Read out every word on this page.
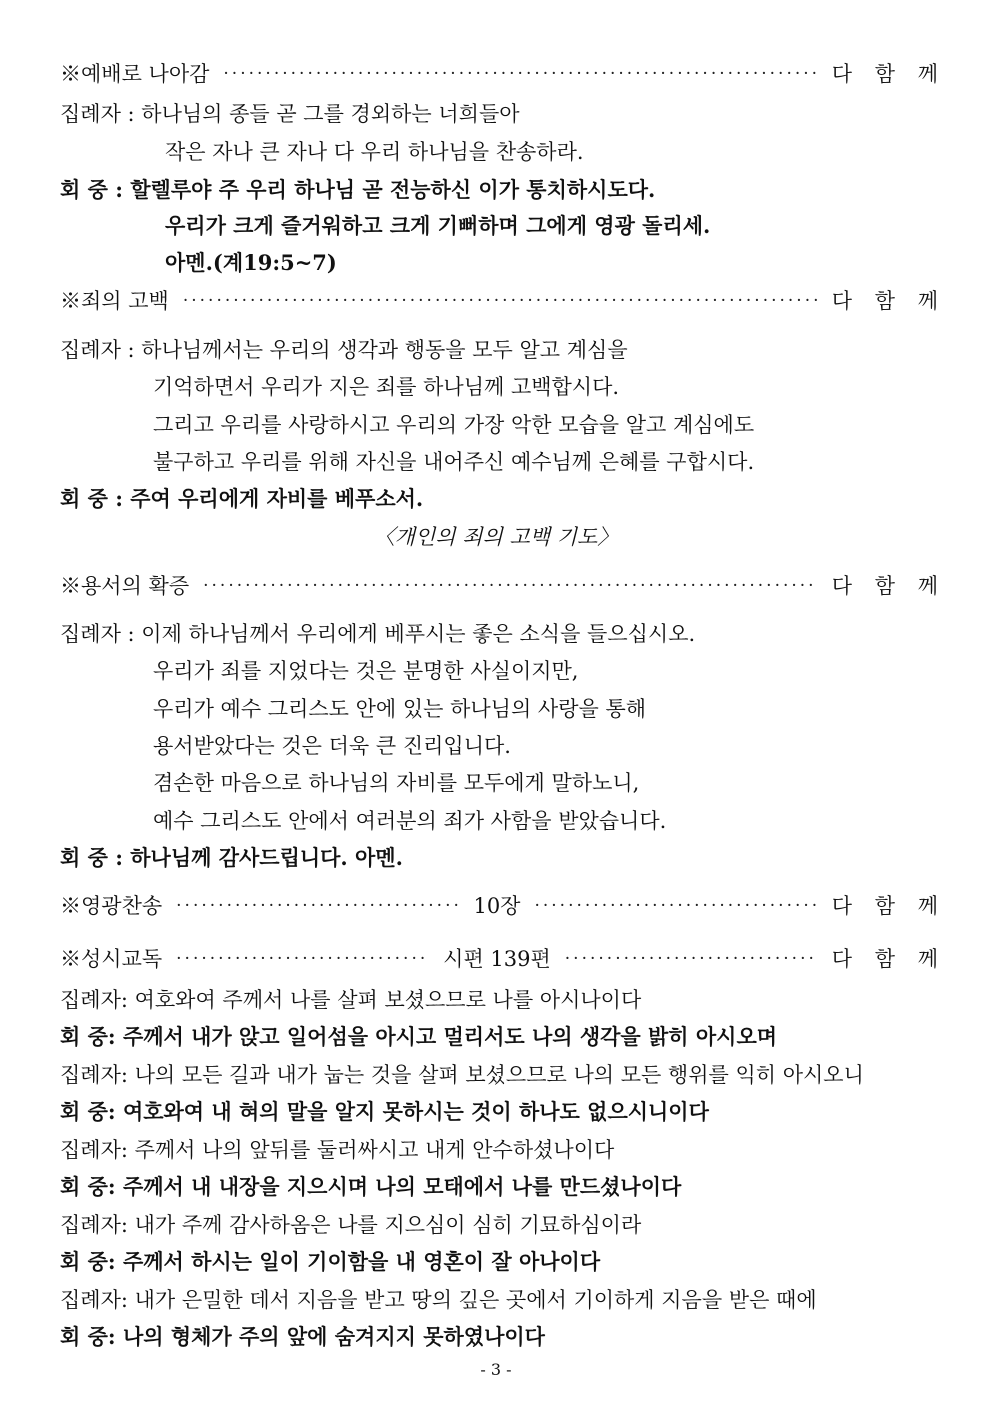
※예배로 나아감 ·····	다 함 께
집례자 : 하나님의 종들 곧 그를 경외하는 너희들아
작은 자나 큰 자나 다 우리 하나님을 찬송하라.
회 중 : 할렐루야 주 우리 하나님 곧 전능하신 이가 통치하시도다.
우리가 크게 즐거워하고 크게 기뻐하며 그에게 영광 돌리세.
아멘.(계19:5~7)
※죄의 고백 ·····	다 함 께
집례자 : 하나님께서는 우리의 생각과 행동을 모두 알고 계심을
기억하면서 우리가 지은 죄를 하나님께 고백합시다.
그리고 우리를 사랑하시고 우리의 가장 악한 모습을 알고 계심에도
불구하고 우리를 위해 자신을 내어주신 예수님께 은혜를 구합시다.
회 중 : 주여 우리에게 자비를 베푸소서.
〈개인의 죄의 고백 기도〉
※용서의 확증 ·····	다 함 께
집례자 : 이제 하나님께서 우리에게 베푸시는 좋은 소식을 들으십시오.
우리가 죄를 지었다는 것은 분명한 사실이지만,
우리가 예수 그리스도 안에 있는 하나님의 사랑을 통해
용서받았다는 것은 더욱 큰 진리입니다.
겸손한 마음으로 하나님의 자비를 모두에게 말하노니,
예수 그리스도 안에서 여러분의 죄가 사함을 받았습니다.
회 중 : 하나님께 감사드립니다. 아멘.
※영광찬송 ·····	10장 ·····	다 함 께
※성시교독 ·····	시편 139편 ·····	다 함 께
집례자: 여호와여 주께서 나를 살펴 보셨으므로 나를 아시나이다
회 중: 주께서 내가 앉고 일어섬을 아시고 멀리서도 나의 생각을 밝히 아시오며
집례자: 나의 모든 길과 내가 눕는 것을 살펴 보셨으므로 나의 모든 행위를 익히 아시오니
회 중: 여호와여 내 혀의 말을 알지 못하시는 것이 하나도 없으시니이다
집례자: 주께서 나의 앞뒤를 둘러싸시고 내게 안수하셨나이다
회 중: 주께서 내 내장을 지으시며 나의 모태에서 나를 만드셨나이다
집례자: 내가 주께 감사하옴은 나를 지으심이 심히 기묘하심이라
회 중: 주께서 하시는 일이 기이함을 내 영혼이 잘 아나이다
집례자: 내가 은밀한 데서 지음을 받고 땅의 깊은 곳에서 기이하게 지음을 받은 때에
회 중: 나의 형체가 주의 앞에 숨겨지지 못하였나이다
- 3 -
